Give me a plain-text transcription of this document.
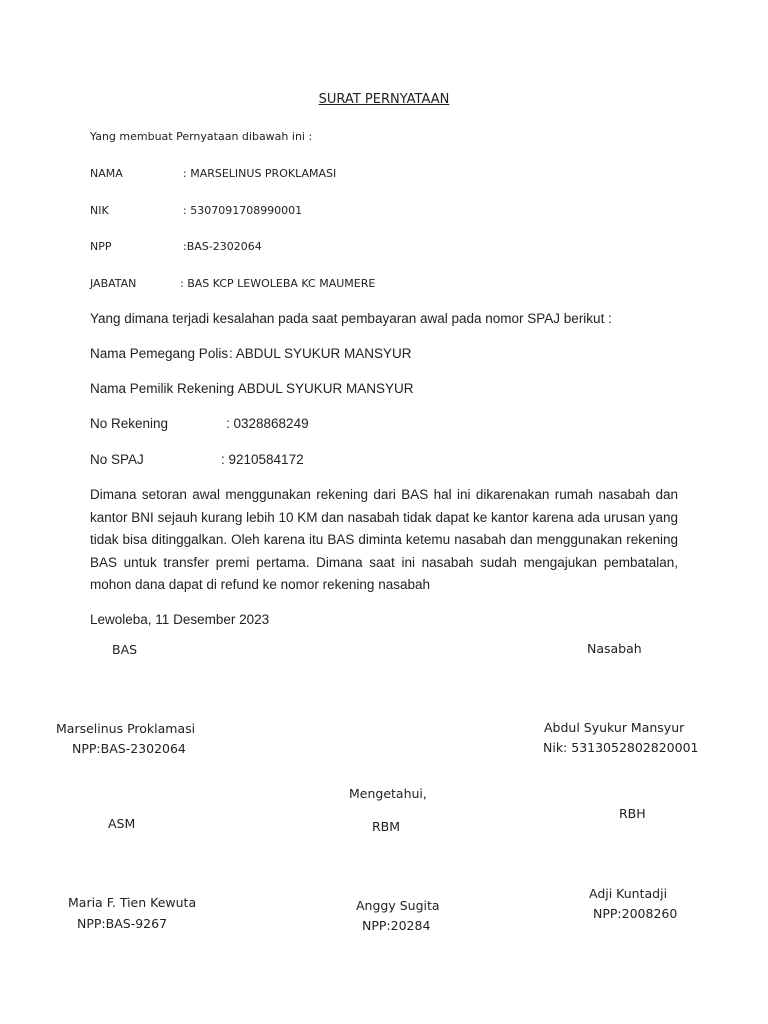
SURAT PERNYATAAN
Yang membuat Pernyataan dibawah ini :
NAMA	: MARSELINUS PROKLAMASI
NIK	: 5307091708990001
NPP	:BAS-2302064
JABATAN	: BAS KCP LEWOLEBA KC MAUMERE
Yang dimana terjadi kesalahan pada saat pembayaran awal pada nomor SPAJ berikut :
Nama Pemegang Polis : ABDUL SYUKUR MANSYUR
Nama Pemilik Rekening
: ABDUL SYUKUR MANSYUR
No Rekening	: 0328868249
No SPAJ	: 9210584172
Dimana setoran awal menggunakan rekening dari BAS hal ini dikarenakan rumah nasabah dan kantor BNI sejauh kurang lebih 10 KM dan nasabah tidak dapat ke kantor karena ada urusan yang tidak bisa ditinggalkan. Oleh karena itu BAS diminta ketemu nasabah dan menggunakan rekening BAS untuk transfer premi pertama. Dimana saat ini nasabah sudah mengajukan pembatalan, mohon dana dapat di refund ke nomor rekening nasabah
Lewoleba, 11 Desember 2023
BAS	Nasabah
Marselinus Proklamasi
NPP:BAS-2302064
Abdul Syukur Mansyur
Nik: 5313052802820001
Mengetahui,
ASM	RBM
RBH
Maria F. Tien Kewuta
NPP:BAS-9267
Anggy Sugita
NPP:20284
Adji Kuntadji
NPP:2008260
